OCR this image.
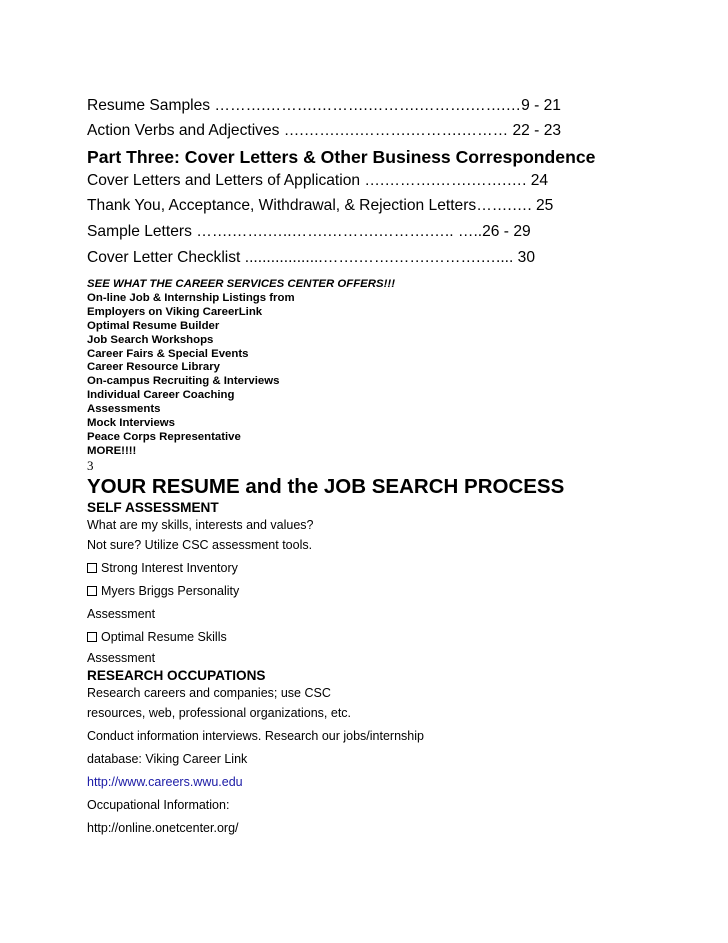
Resume Samples ……….……….……….……….……….…….…9 - 21
Action Verbs and Adjectives ….…….….……….……….……… 22 - 23
Part Three: Cover Letters & Other Business Correspondence
Cover Letters and Letters of Application ….……….…….…….…. 24
Thank You, Acceptance, Withdrawal, & Rejection Letters…….…. 25
Sample Letters …….…….…..…….……….……….….. …..26 - 29
Cover Letter Checklist ..................…….…….…….……….….... 30
SEE WHAT THE CAREER SERVICES CENTER OFFERS!!!
On-line Job & Internship Listings from
Employers on Viking CareerLink
Optimal Resume Builder
Job Search Workshops
Career Fairs & Special Events
Career Resource Library
On-campus Recruiting & Interviews
Individual Career Coaching
Assessments
Mock Interviews
Peace Corps Representative
MORE!!!!
3
YOUR RESUME and the JOB SEARCH PROCESS
SELF ASSESSMENT
What are my skills, interests and values?
Not sure? Utilize CSC assessment tools.
Strong Interest Inventory
Myers Briggs Personality
Assessment
Optimal Resume Skills
Assessment
RESEARCH OCCUPATIONS
Research careers and companies; use CSC
resources, web, professional organizations, etc.
Conduct information interviews. Research our jobs/internship
database: Viking Career Link
http://www.careers.wwu.edu
Occupational Information:
http://online.onetcenter.org/
